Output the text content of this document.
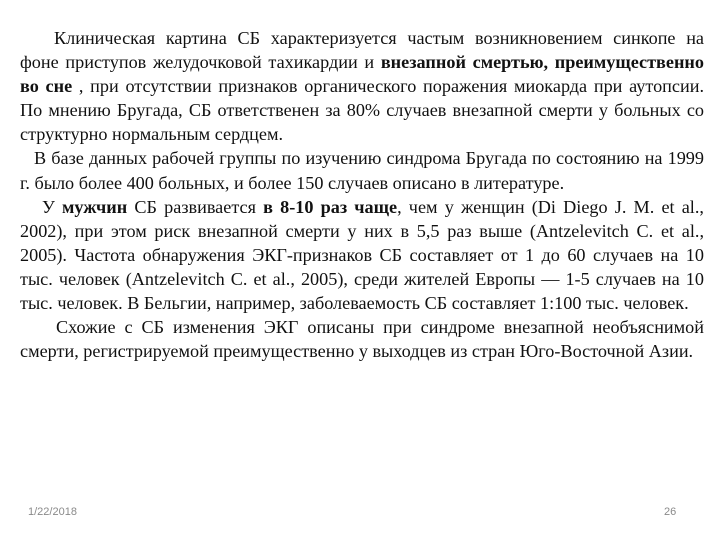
Клиническая картина СБ характеризуется частым возникновением синкопе на фоне приступов желудочковой тахикардии и внезапной смертью, преимущественно во сне , при отсутствии признаков органического поражения миокарда при аутопсии. По мнению Бругада, СБ ответственен за 80% случаев внезапной смерти у больных со структурно нормальным сердцем.

В базе данных рабочей группы по изучению синдрома Бругада по состоянию на 1999 г. было более 400 больных, и более 150 случаев описано в литературе.

У мужчин СБ развивается в 8-10 раз чаще, чем у женщин (Di Diego J. M. et al., 2002), при этом риск внезапной смерти у них в 5,5 раз выше (Antzelevitch C. et al., 2005). Частота обнаружения ЭКГ-признаков СБ составляет от 1 до 60 случаев на 10 тыс. человек (Antzelevitch C. et al., 2005), среди жителей Европы — 1-5 случаев на 10 тыс. человек. В Бельгии, например, заболеваемость СБ составляет 1:100 тыс. человек.

Схожие с СБ изменения ЭКГ описаны при синдроме внезапной необъяснимой смерти, регистрируемой преимущественно у выходцев из стран Юго-Восточной Азии.

1/22/2018	26
